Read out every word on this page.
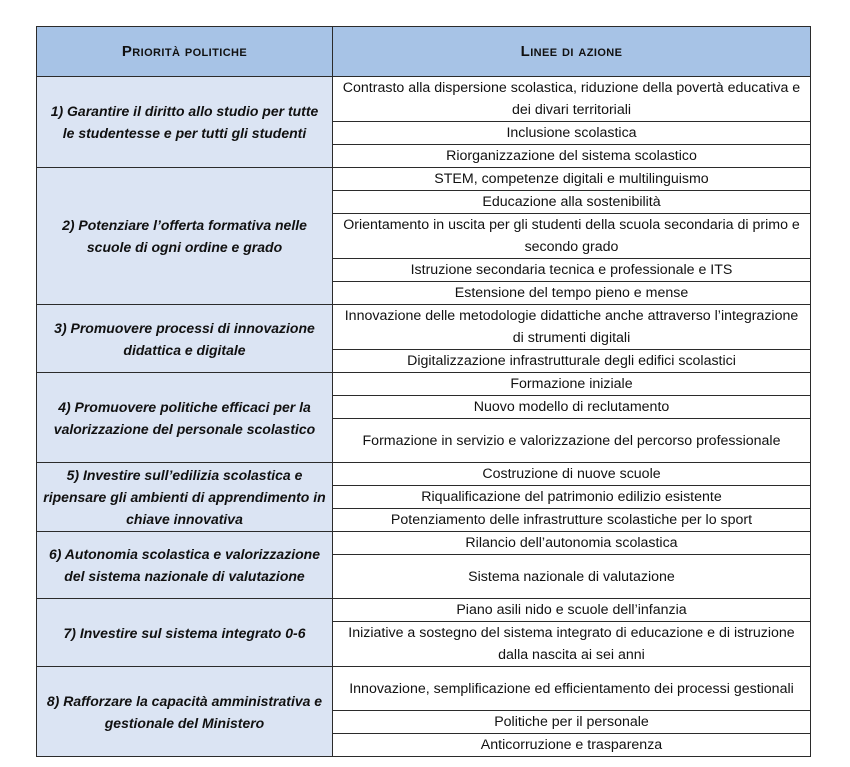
Priorità politiche	Linee di azione
1) Garantire il diritto allo studio per tutte le studentesse e per tutti gli studenti	Contrasto alla dispersione scolastica, riduzione della povertà educativa e dei divari territoriali
	Inclusione scolastica
	Riorganizzazione del sistema scolastico
2) Potenziare l’offerta formativa nelle scuole di ogni ordine e grado	STEM, competenze digitali e multilinguismo
	Educazione alla sostenibilità
	Orientamento in uscita per gli studenti della scuola secondaria di primo e secondo grado
	Istruzione secondaria tecnica e professionale e ITS
	Estensione del tempo pieno e mense
3) Promuovere processi di innovazione didattica e digitale	Innovazione delle metodologie didattiche anche attraverso l’integrazione di strumenti digitali
	Digitalizzazione infrastrutturale degli edifici scolastici
4) Promuovere politiche efficaci per la valorizzazione del personale scolastico	Formazione iniziale
	Nuovo modello di reclutamento
	Formazione in servizio e valorizzazione del percorso professionale
5) Investire sull’edilizia scolastica e ripensare gli ambienti di apprendimento in chiave innovativa	Costruzione di nuove scuole
	Riqualificazione del patrimonio edilizio esistente
	Potenziamento delle infrastrutture scolastiche per lo sport
6) Autonomia scolastica e valorizzazione del sistema nazionale di valutazione	Rilancio dell’autonomia scolastica
	Sistema nazionale di valutazione
7) Investire sul sistema integrato 0-6	Piano asili nido e scuole dell’infanzia
	Iniziative a sostegno del sistema integrato di educazione e di istruzione dalla nascita ai sei anni
8) Rafforzare la capacità amministrativa e gestionale del Ministero	Innovazione, semplificazione ed efficientamento dei processi gestionali
	Politiche per il personale
	Anticorruzione e trasparenza
